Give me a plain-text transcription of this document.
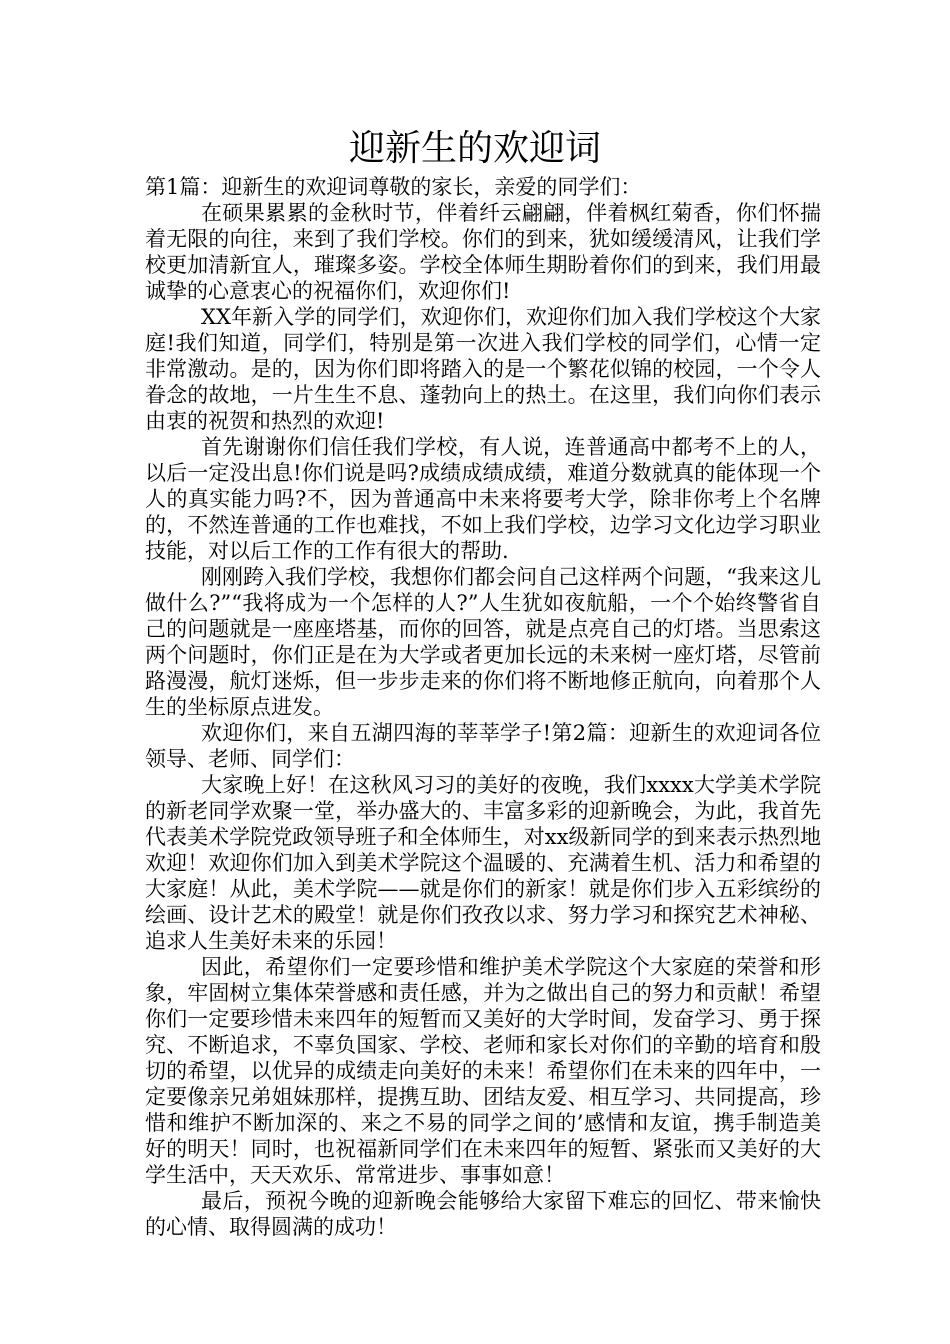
迎新生的欢迎词

第1篇：迎新生的欢迎词尊敬的家长，亲爱的同学们：

在硕果累累的金秋时节，伴着纤云翩翩，伴着枫红菊香，你们怀揣着无限的向往，来到了我们学校。你们的到来，犹如缓缓清风，让我们学校更加清新宜人，璀璨多姿。学校全体师生期盼着你们的到来，我们用最诚挚的心意衷心的祝福你们，欢迎你们!

XX年新入学的同学们，欢迎你们，欢迎你们加入我们学校这个大家庭!我们知道，同学们，特别是第一次进入我们学校的同学们，心情一定非常激动。是的，因为你们即将踏入的是一个繁花似锦的校园，一个令人眷念的故地，一片生生不息、蓬勃向上的热土。在这里，我们向你们表示由衷的祝贺和热烈的欢迎!

首先谢谢你们信任我们学校，有人说，连普通高中都考不上的人，以后一定没出息!你们说是吗?成绩成绩成绩，难道分数就真的能体现一个人的真实能力吗?不，因为普通高中未来将要考大学，除非你考上个名牌的，不然连普通的工作也难找，不如上我们学校，边学习文化边学习职业技能，对以后工作的工作有很大的帮助.

刚刚跨入我们学校，我想你们都会问自己这样两个问题，“我来这儿做什么?”“我将成为一个怎样的人?”人生犹如夜航船，一个个始终警省自己的问题就是一座座塔基，而你的回答，就是点亮自己的灯塔。当思索这两个问题时，你们正是在为大学或者更加长远的未来树一座灯塔，尽管前路漫漫，航灯迷烁，但一步步走来的你们将不断地修正航向，向着那个人生的坐标原点进发。

欢迎你们，来自五湖四海的莘莘学子!第2篇：迎新生的欢迎词各位领导、老师、同学们：

大家晚上好！在这秋风习习的美好的夜晚，我们xxxx大学美术学院的新老同学欢聚一堂，举办盛大的、丰富多彩的迎新晚会，为此，我首先代表美术学院党政领导班子和全体师生，对xx级新同学的到来表示热烈地欢迎！欢迎你们加入到美术学院这个温暖的、充满着生机、活力和希望的大家庭！从此，美术学院——就是你们的新家！就是你们步入五彩缤纷的绘画、设计艺术的殿堂！就是你们孜孜以求、努力学习和探究艺术神秘、追求人生美好未来的乐园！

因此，希望你们一定要珍惜和维护美术学院这个大家庭的荣誉和形象，牢固树立集体荣誉感和责任感，并为之做出自己的努力和贡献！希望你们一定要珍惜未来四年的短暂而又美好的大学时间，发奋学习、勇于探究、不断追求，不辜负国家、学校、老师和家长对你们的辛勤的培育和殷切的希望，以优异的成绩走向美好的未来！希望你们在未来的四年中，一定要像亲兄弟姐妹那样，提携互助、团结友爱、相互学习、共同提高，珍惜和维护不断加深的、来之不易的同学之间的’感情和友谊，携手制造美好的明天！同时，也祝福新同学们在未来四年的短暂、紧张而又美好的大学生活中，天天欢乐、常常进步、事事如意！

最后，预祝今晚的迎新晚会能够给大家留下难忘的回忆、带来愉快的心情、取得圆满的成功！
